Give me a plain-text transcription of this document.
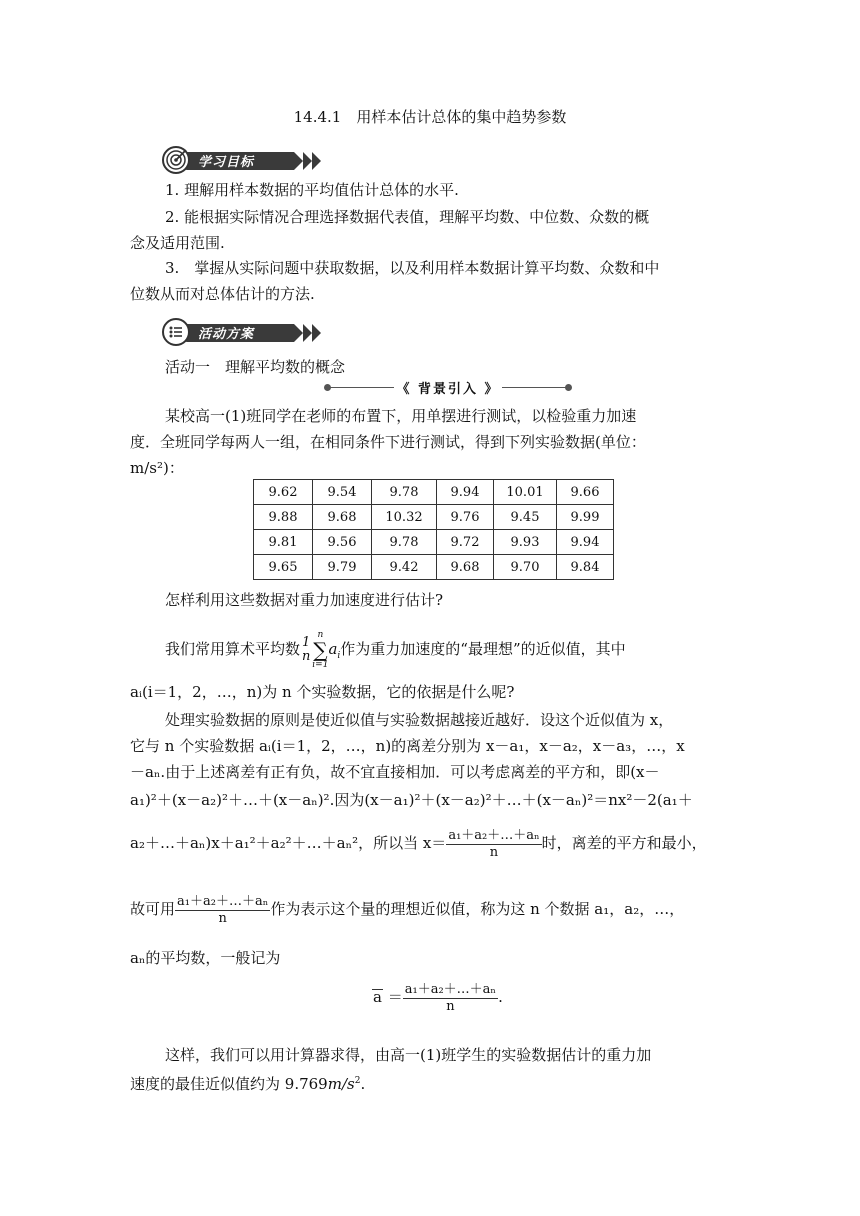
14.4.1　用样本估计总体的集中趋势参数
学习目标
1. 理解用样本数据的平均值估计总体的水平.
2. 能根据实际情况合理选择数据代表值，理解平均数、中位数、众数的概
念及适用范围.
3.　掌握从实际问题中获取数据，以及利用样本数据计算平均数、众数和中
位数从而对总体估计的方法.
活动方案
活动一　理解平均数的概念
《 背景引入 》
某校高一(1)班同学在老师的布置下，用单摆进行测试，以检验重力加速
度．全班同学每两人一组，在相同条件下进行测试，得到下列实验数据(单位：
m/s²)：
9.62	9.54	9.78	9.94	10.01	9.66
9.88	9.68	10.32	9.76	9.45	9.99
9.81	9.56	9.78	9.72	9.93	9.94
9.65	9.79	9.42	9.68	9.70	9.84
怎样利用这些数据对重力加速度进行估计?
我们常用算术平均数 1
n
n
∑
$i=1a_i$作为重力加速度的“最理想”的近似值，其中
aᵢ(i＝1，2，…，n)为 n 个实验数据，它的依据是什么呢?
处理实验数据的原则是使近似值与实验数据越接近越好．设这个近似值为 x，
它与 n 个实验数据 aᵢ(i＝1，2，…，n)的离差分别为 x－a₁，x－a₂，x－a₃，…，x
－aₙ.由于上述离差有正有负，故不宜直接相加．可以考虑离差的平方和，即(x－
a₁)²＋(x－a₂)²＋…＋(x－aₙ)².因为(x－a₁)²＋(x－a₂)²＋…＋(x－aₙ)²＝nx²－2(a₁＋
a₂＋…＋aₙ)x＋a₁²＋a₂²＋…＋aₙ²，所以当 $x= \frac{\text{a₁＋a₂＋…＋aₙ}}{n}$ 时，离差的平方和最小，
故可用 $\frac{\text{a₁＋a₂＋…＋aₙ}}{n}$ 作为表示这个量的理想近似值，称为这 n 个数据 a₁，a₂，…，
aₙ的平均数，一般记为
$a = \frac{\text{a₁＋a₂＋…＋aₙ}}{n}$ .
这样，我们可以用计算器求得，由高一(1)班学生的实验数据估计的重力加
速度的最佳近似值约为 $9.769m/s^2$.
